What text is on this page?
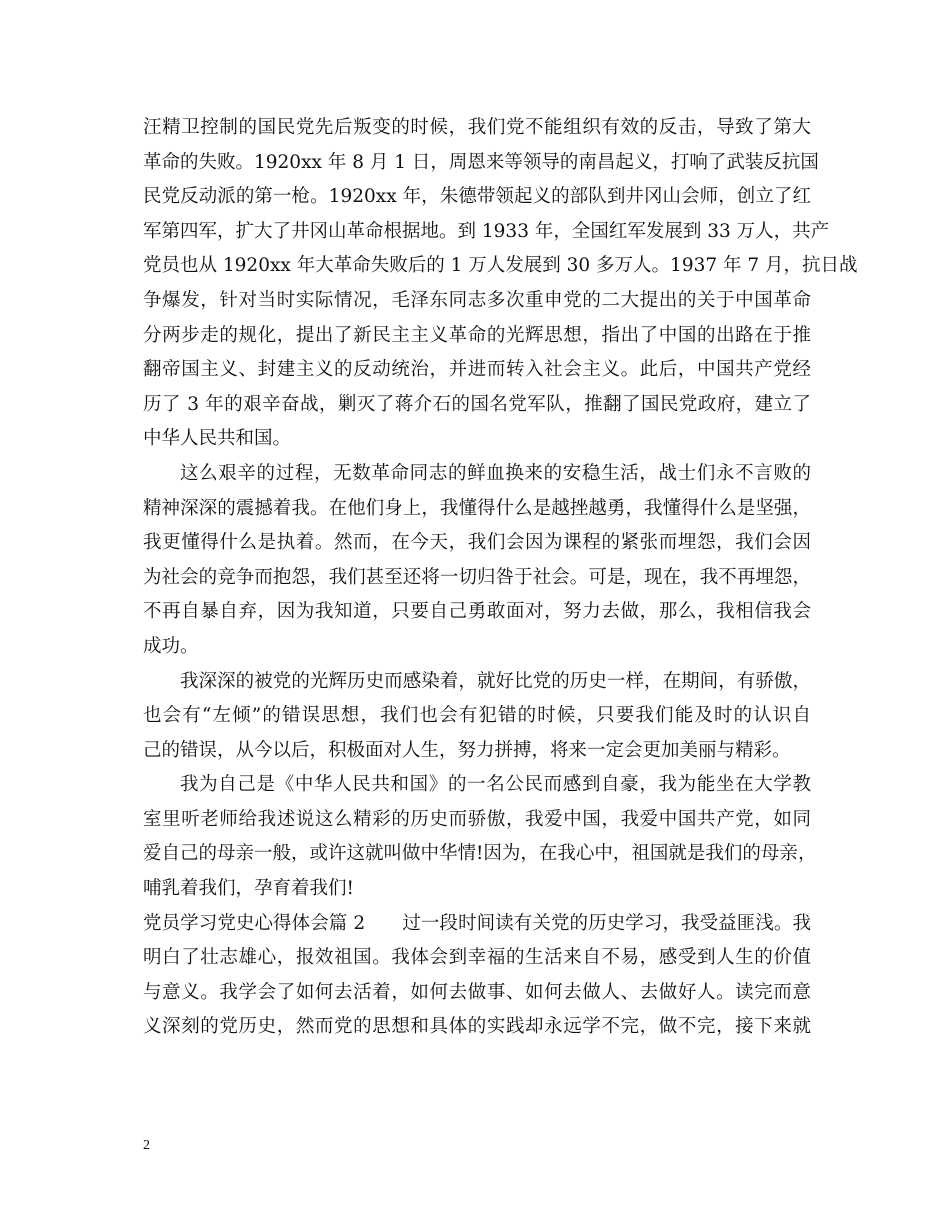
汪精卫控制的国民党先后叛变的时候，我们党不能组织有效的反击，导致了第大
革命的失败。1920xx 年 8 月 1 日，周恩来等领导的南昌起义，打响了武装反抗国
民党反动派的第一枪。1920xx 年，朱德带领起义的部队到井冈山会师，创立了红
军第四军，扩大了井冈山革命根据地。到 1933 年，全国红军发展到 33 万人，共产
党员也从 1920xx 年大革命失败后的 1 万人发展到 30 多万人。1937 年 7 月，抗日战
争爆发，针对当时实际情况，毛泽东同志多次重申党的二大提出的关于中国革命
分两步走的规化，提出了新民主主义革命的光辉思想，指出了中国的出路在于推
翻帝国主义、封建主义的反动统治，并进而转入社会主义。此后，中国共产党经
历了 3 年的艰辛奋战，剿灭了蒋介石的国名党军队，推翻了国民党政府，建立了
中华人民共和国。
这么艰辛的过程，无数革命同志的鲜血换来的安稳生活，战士们永不言败的
精神深深的震撼着我。在他们身上，我懂得什么是越挫越勇，我懂得什么是坚强，
我更懂得什么是执着。然而，在今天，我们会因为课程的紧张而埋怨，我们会因
为社会的竞争而抱怨，我们甚至还将一切归咎于社会。可是，现在，我不再埋怨，
不再自暴自弃，因为我知道，只要自己勇敢面对，努力去做，那么，我相信我会
成功。
我深深的被党的光辉历史而感染着，就好比党的历史一样，在期间，有骄傲，
也会有“左倾”的错误思想，我们也会有犯错的时候，只要我们能及时的认识自
己的错误，从今以后，积极面对人生，努力拼搏，将来一定会更加美丽与精彩。
我为自己是《中华人民共和国》的一名公民而感到自豪，我为能坐在大学教
室里听老师给我述说这么精彩的历史而骄傲，我爱中国，我爱中国共产党，如同
爱自己的母亲一般，或许这就叫做中华情!因为，在我心中，祖国就是我们的母亲，
哺乳着我们，孕育着我们!
党员学习党史心得体会篇 2　　过一段时间读有关党的历史学习，我受益匪浅。我
明白了壮志雄心，报效祖国。我体会到幸福的生活来自不易，感受到人生的价值
与意义。我学会了如何去活着，如何去做事、如何去做人、去做好人。读完而意
义深刻的党历史，然而党的思想和具体的实践却永远学不完，做不完，接下来就
2
